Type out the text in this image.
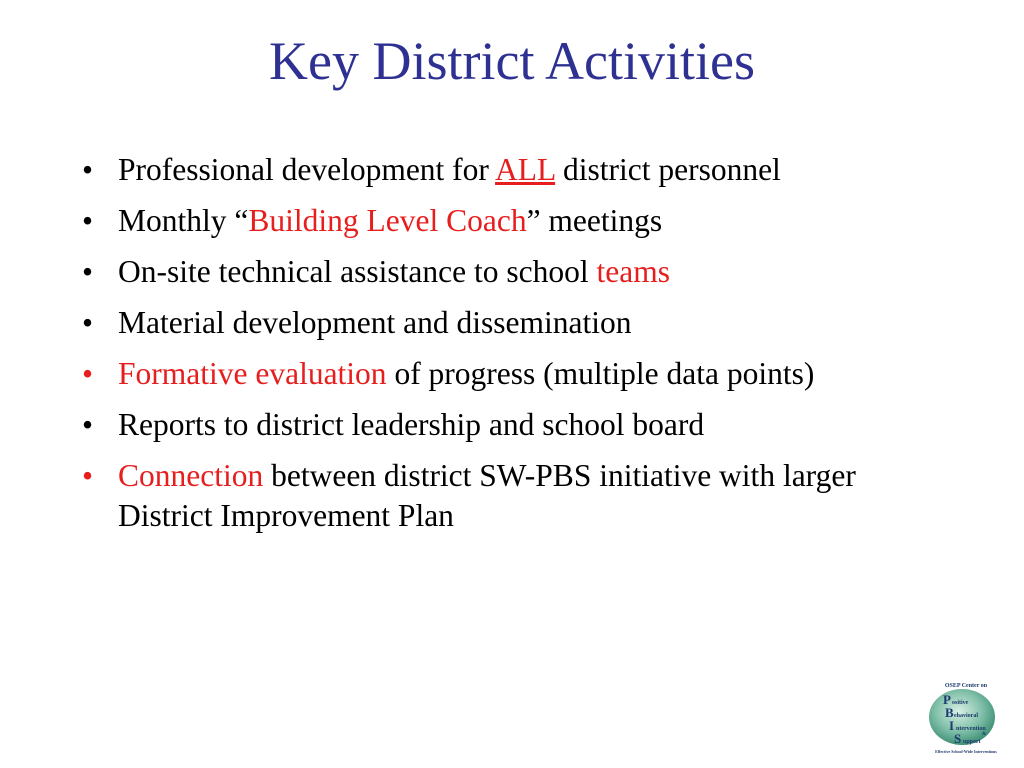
Key District Activities
• Professional development for ALL district personnel
• Monthly “Building Level Coach” meetings
• On-site technical assistance to school teams
• Material development and dissemination
• Formative evaluation of progress (multiple data points)
• Reports to district leadership and school board
• Connection between district SW-PBS initiative with larger District Improvement Plan
OSEP Center on
P ositive
B ehavioral
I ntervention
&
S upport
Effective School-Wide Interventions
